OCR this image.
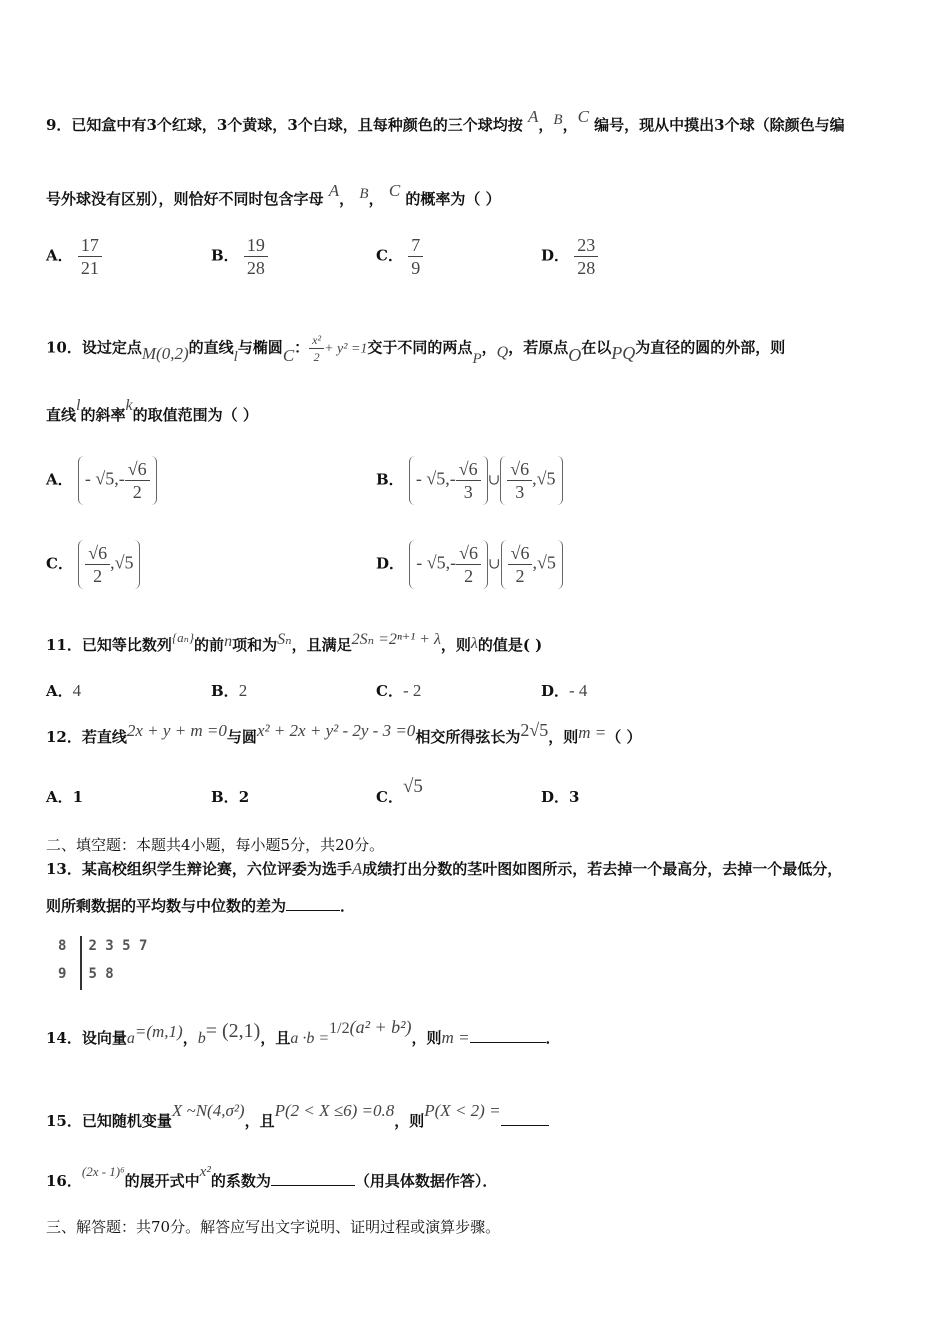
9．已知盒中有3个红球，3个黄球，3个白球，且每种颜色的三个球均按 A，B，C 编号，现从中摸出3个球（除颜色与编
号外球没有区别），则恰好不同时包含字母 A， B， C 的概率为（ ）
A． $\frac{17}{21}$	B． $\frac{19}{28}$	C． $\frac{7}{9}$	D． $\frac{23}{28}$
10．设过定点M(0,2)的直线l与椭圆C： $\frac{\text{x²}}{2} + y^2 =1$交于不同的两点P，Q，若原点O在以PQ为直径的圆的外部，则
直线l的斜率k的取值范围为（ ）
A． - $√5,- \frac{√6}{2}$	B． - $√5,- \frac{√6}{3}$ ∪ $\frac{√6}{3} ,√5$
C． $\frac{√6}{2} ,√5$	D． - $√5,- \frac{√6}{2}$ ∪ $\frac{√6}{2} ,√5$
11．已知等比数列{aₙ}的前n项和为Sₙ，且满足2Sₙ =2ⁿ⁺¹ + λ，则λ的值是( )
A．4	B．2	C．- 2	D．- 4
12．若直线2x + y + m =0与圆x² + 2x + y² - 2y - 3 =0相交所得弦长为2√5，则m =（ ）
A．1	B．2	C．√5	D．3
二、填空题：本题共4小题，每小题5分，共20分。
13．某高校组织学生辩论赛，六位评委为选手A成绩打出分数的茎叶图如图所示，若去掉一个最高分，去掉一个最低分，
则所剩数据的平均数与中位数的差为	．
8 2 3 5 7
9 5 8
14．设向量a=(m,1)，b= (2,1)，且a ·b =1/2(a² + b²)，则m =	．
15．已知随机变量X ~N(4,σ²)，且P(2 < X ≤6) =0.8，则P(X < 2) =
16．(2x - 1)⁶的展开式中x²的系数为	（用具体数据作答）．
三、解答题：共70分。解答应写出文字说明、证明过程或演算步骤。
